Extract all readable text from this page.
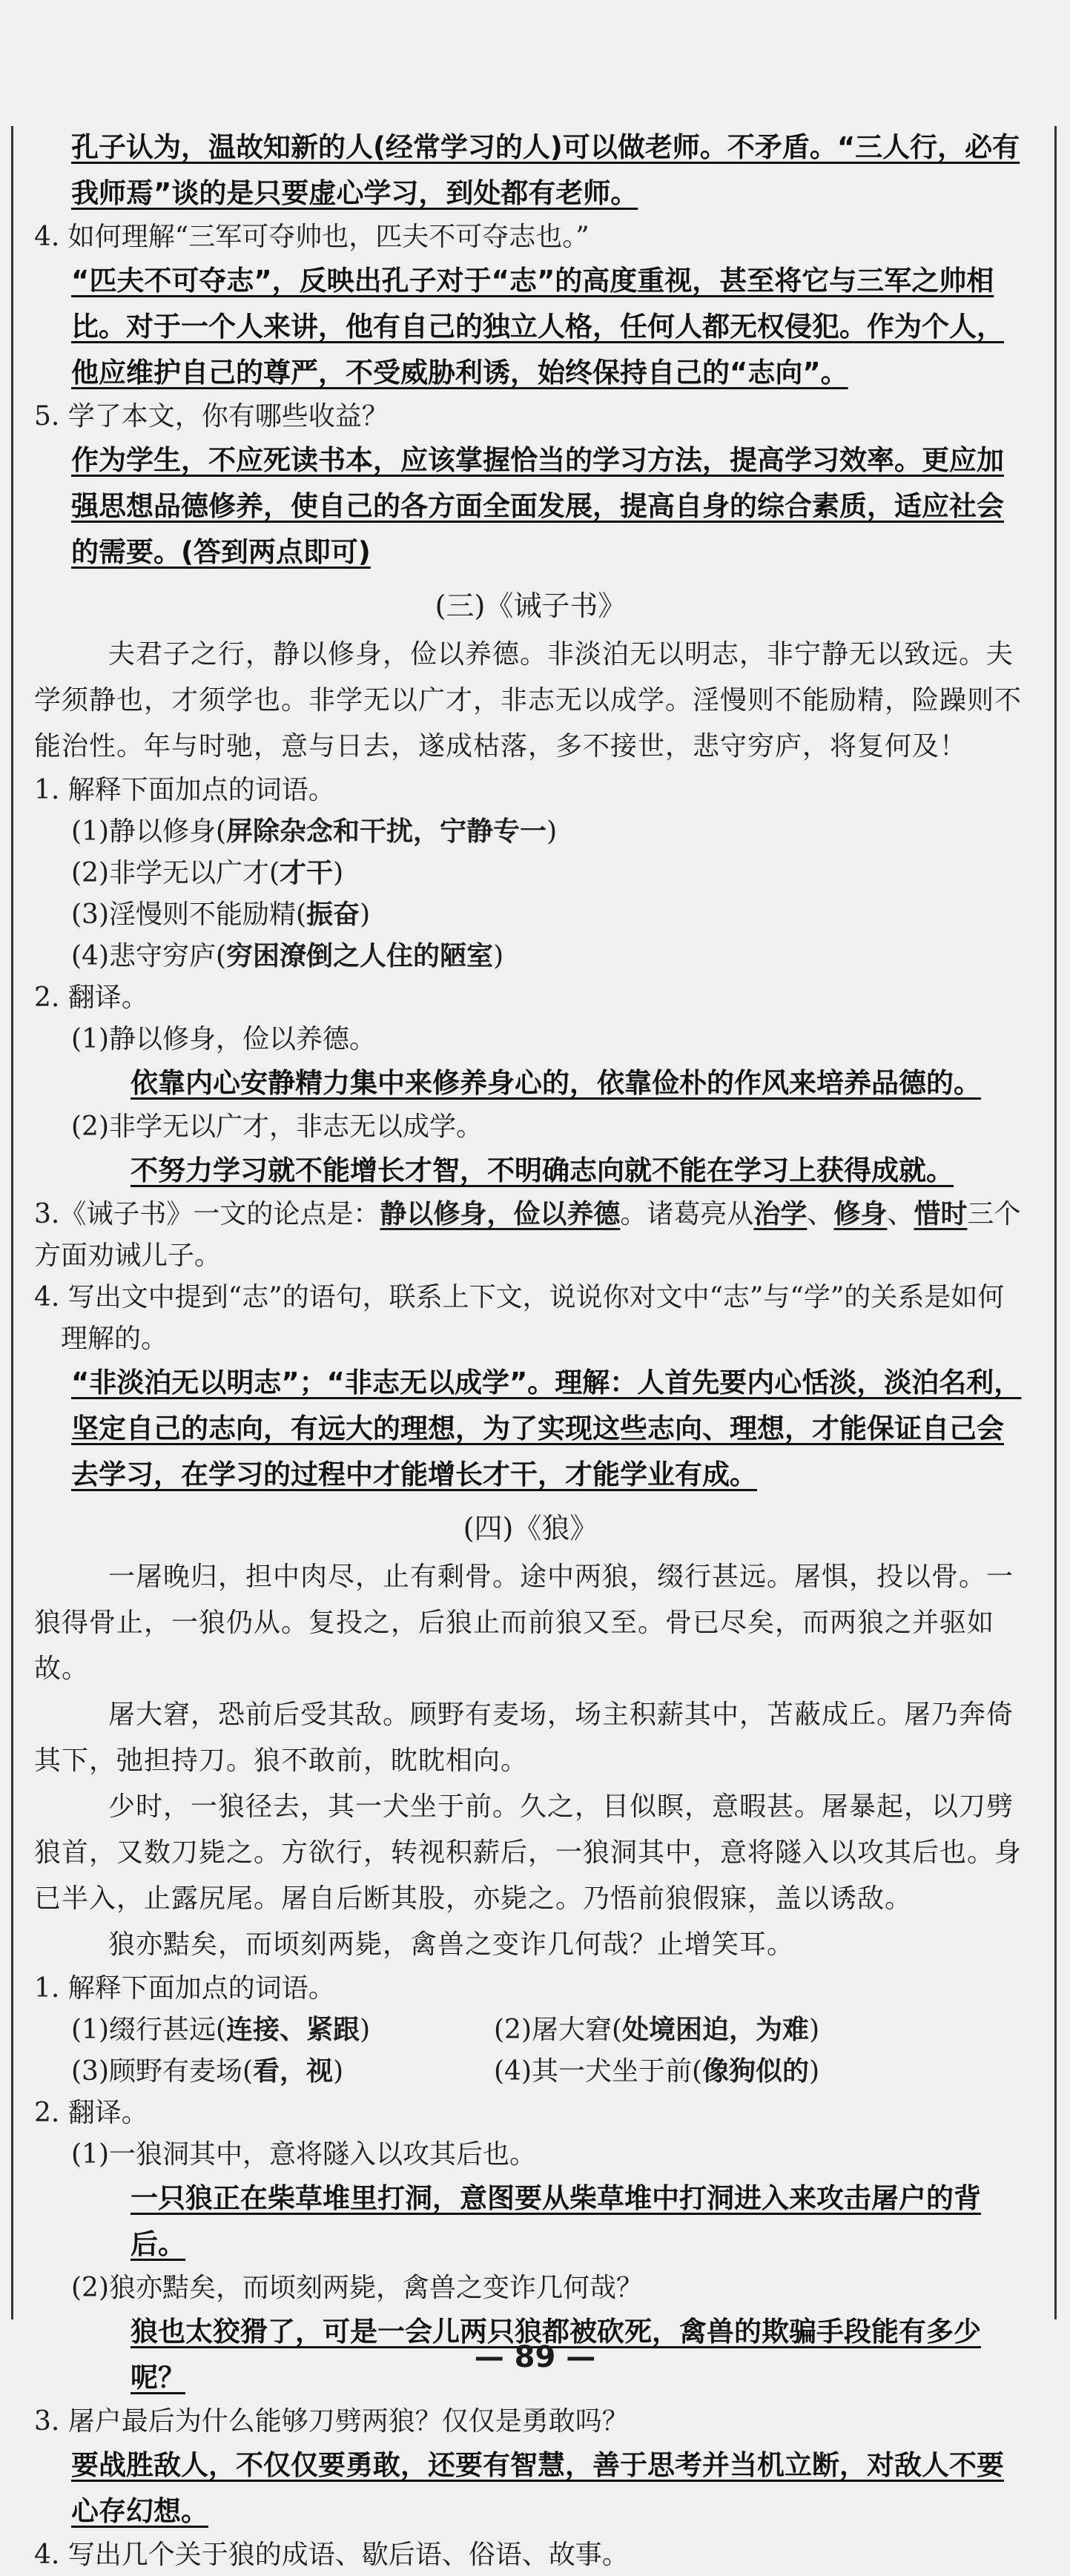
孔子认为，温故知新的人(经常学习的人)可以做老师。不矛盾。“三人行，必有我师焉”谈的是只要虚心学习，到处都有老师。
4. 如何理解“三军可夺帅也，匹夫不可夺志也。”
“匹夫不可夺志”，反映出孔子对于“志”的高度重视，甚至将它与三军之帅相比。对于一个人来讲，他有自己的独立人格，任何人都无权侵犯。作为个人，他应维护自己的尊严，不受威胁利诱，始终保持自己的“志向”。
5. 学了本文，你有哪些收益？
作为学生，不应死读书本，应该掌握恰当的学习方法，提高学习效率。更应加强思想品德修养，使自己的各方面全面发展，提高自身的综合素质，适应社会的需要。(答到两点即可)
(三)《诫子书》
夫君子之行，静以修身，俭以养德。非淡泊无以明志，非宁静无以致远。夫学须静也，才须学也。非学无以广才，非志无以成学。淫慢则不能励精，险躁则不能治性。年与时驰，意与日去，遂成枯落，多不接世，悲守穷庐，将复何及！
1. 解释下面加点的词语。
(1)静以修身(屏除杂念和干扰，宁静专一)
(2)非学无以广才(才干)
(3)淫慢则不能励精(振奋)
(4)悲守穷庐(穷困潦倒之人住的陋室)
2. 翻译。
(1)静以修身，俭以养德。
依靠内心安静精力集中来修养身心的，依靠俭朴的作风来培养品德的。
(2)非学无以广才，非志无以成学。
不努力学习就不能增长才智，不明确志向就不能在学习上获得成就。
3.《诫子书》一文的论点是：静以修身，俭以养德。诸葛亮从治学、修身、惜时三个方面劝诫儿子。
4. 写出文中提到“志”的语句，联系上下文，说说你对文中“志”与“学”的关系是如何理解的。
“非淡泊无以明志”；“非志无以成学”。理解：人首先要内心恬淡，淡泊名利，坚定自己的志向，有远大的理想，为了实现这些志向、理想，才能保证自己会去学习，在学习的过程中才能增长才干，才能学业有成。
(四)《狼》
一屠晚归，担中肉尽，止有剩骨。途中两狼，缀行甚远。屠惧，投以骨。一狼得骨止，一狼仍从。复投之，后狼止而前狼又至。骨已尽矣，而两狼之并驱如故。
屠大窘，恐前后受其敌。顾野有麦场，场主积薪其中，苫蔽成丘。屠乃奔倚其下，弛担持刀。狼不敢前，眈眈相向。
少时，一狼径去，其一犬坐于前。久之，目似瞑，意暇甚。屠暴起，以刀劈狼首，又数刀毙之。方欲行，转视积薪后，一狼洞其中，意将隧入以攻其后也。身已半入，止露尻尾。屠自后断其股，亦毙之。乃悟前狼假寐，盖以诱敌。
狼亦黠矣，而顷刻两毙，禽兽之变诈几何哉？止增笑耳。
1. 解释下面加点的词语。
(1)缀行甚远(连接、紧跟)	(2)屠大窘(处境困迫，为难)
(3)顾野有麦场(看，视)	(4)其一犬坐于前(像狗似的)
2. 翻译。
(1)一狼洞其中，意将隧入以攻其后也。
一只狼正在柴草堆里打洞，意图要从柴草堆中打洞进入来攻击屠户的背后。
(2)狼亦黠矣，而顷刻两毙，禽兽之变诈几何哉？
狼也太狡猾了，可是一会儿两只狼都被砍死，禽兽的欺骗手段能有多少呢？
3. 屠户最后为什么能够刀劈两狼？仅仅是勇敢吗？
要战胜敌人，不仅仅要勇敢，还要有智慧，善于思考并当机立断，对敌人不要心存幻想。
4. 写出几个关于狼的成语、歇后语、俗语、故事。
— 89 —
